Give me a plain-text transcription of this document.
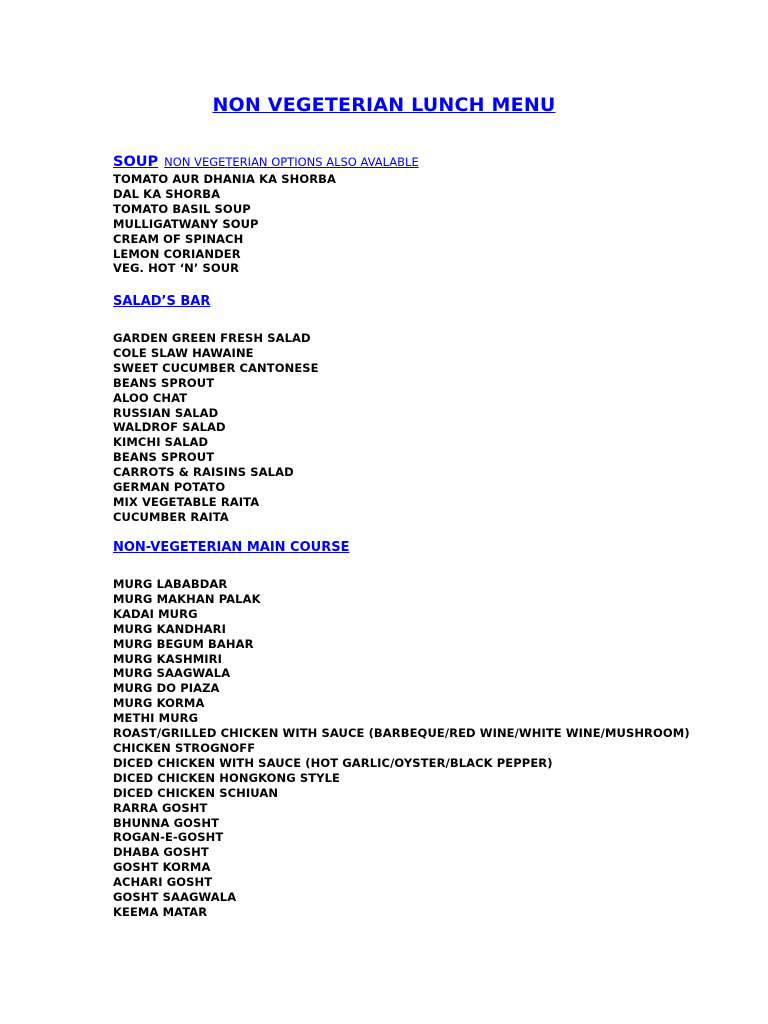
NON VEGETERIAN LUNCH MENU
SOUP NON VEGETERIAN OPTIONS ALSO AVALABLE
TOMATO AUR DHANIA KA SHORBA
DAL KA SHORBA
TOMATO BASIL SOUP
MULLIGATWANY SOUP
CREAM OF SPINACH
LEMON CORIANDER
VEG. HOT ‘N’ SOUR
SALAD’S BAR
GARDEN GREEN FRESH SALAD
COLE SLAW HAWAINE
SWEET CUCUMBER CANTONESE
BEANS SPROUT
ALOO CHAT
RUSSIAN SALAD
WALDROF SALAD
KIMCHI SALAD
BEANS SPROUT
CARROTS & RAISINS SALAD
GERMAN POTATO
MIX VEGETABLE RAITA
CUCUMBER RAITA
NON-VEGETERIAN MAIN COURSE
MURG LABABDAR
MURG MAKHAN PALAK
KADAI MURG
MURG KANDHARI
MURG BEGUM BAHAR
MURG KASHMIRI
MURG SAAGWALA
MURG DO PIAZA
MURG KORMA
METHI MURG
ROAST/GRILLED CHICKEN WITH SAUCE (BARBEQUE/RED WINE/WHITE WINE/MUSHROOM)
CHICKEN STROGNOFF
DICED CHICKEN WITH SAUCE (HOT GARLIC/OYSTER/BLACK PEPPER)
DICED CHICKEN HONGKONG STYLE
DICED CHICKEN SCHIUAN
RARRA GOSHT
BHUNNA GOSHT
ROGAN-E-GOSHT
DHABA GOSHT
GOSHT KORMA
ACHARI GOSHT
GOSHT SAAGWALA
KEEMA MATAR
